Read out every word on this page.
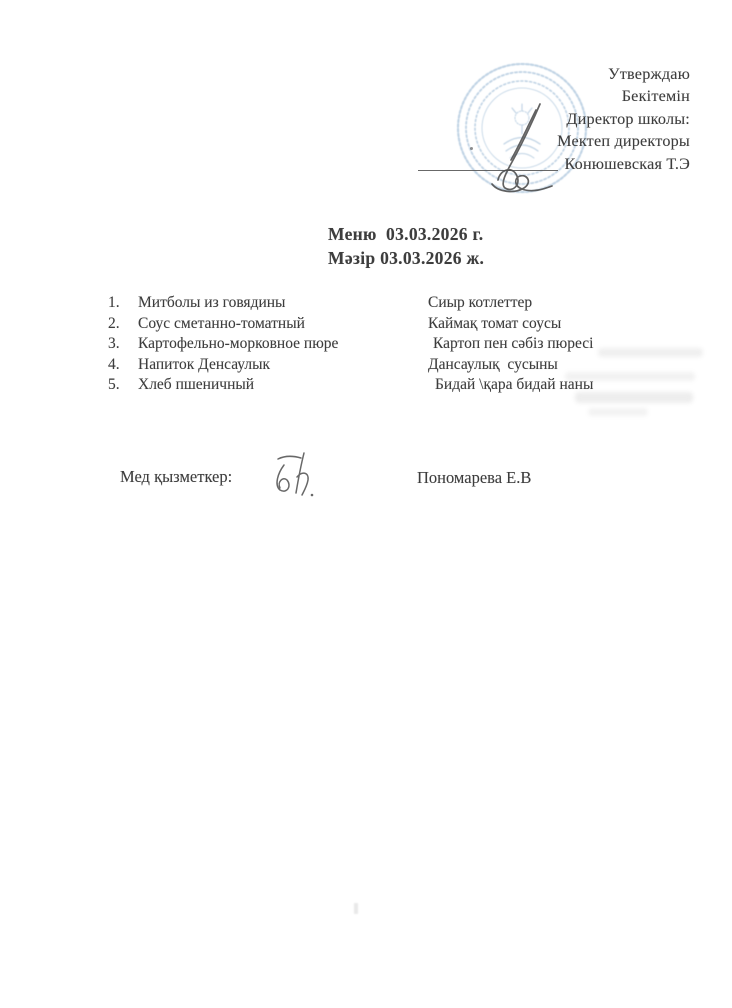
Утверждаю
Бекітемін
Директор школы:
Мектеп директоры
Конюшевская Т.Э
Меню  03.03.2026 г.
Мәзір 03.03.2026 ж.
1.	Митболы из говядины	Сиыр котлеттер
2.	Соус сметанно-томатный	Каймақ томат соусы
3.	Картофельно-морковное пюре	Картоп пен сәбіз пюресі
4.	Напиток Денсаулык	Дансаулық  сусыны
5.	Хлеб пшеничный	Бидай \қара бидай наны
Мед қызметкер:	Пономарева Е.В
